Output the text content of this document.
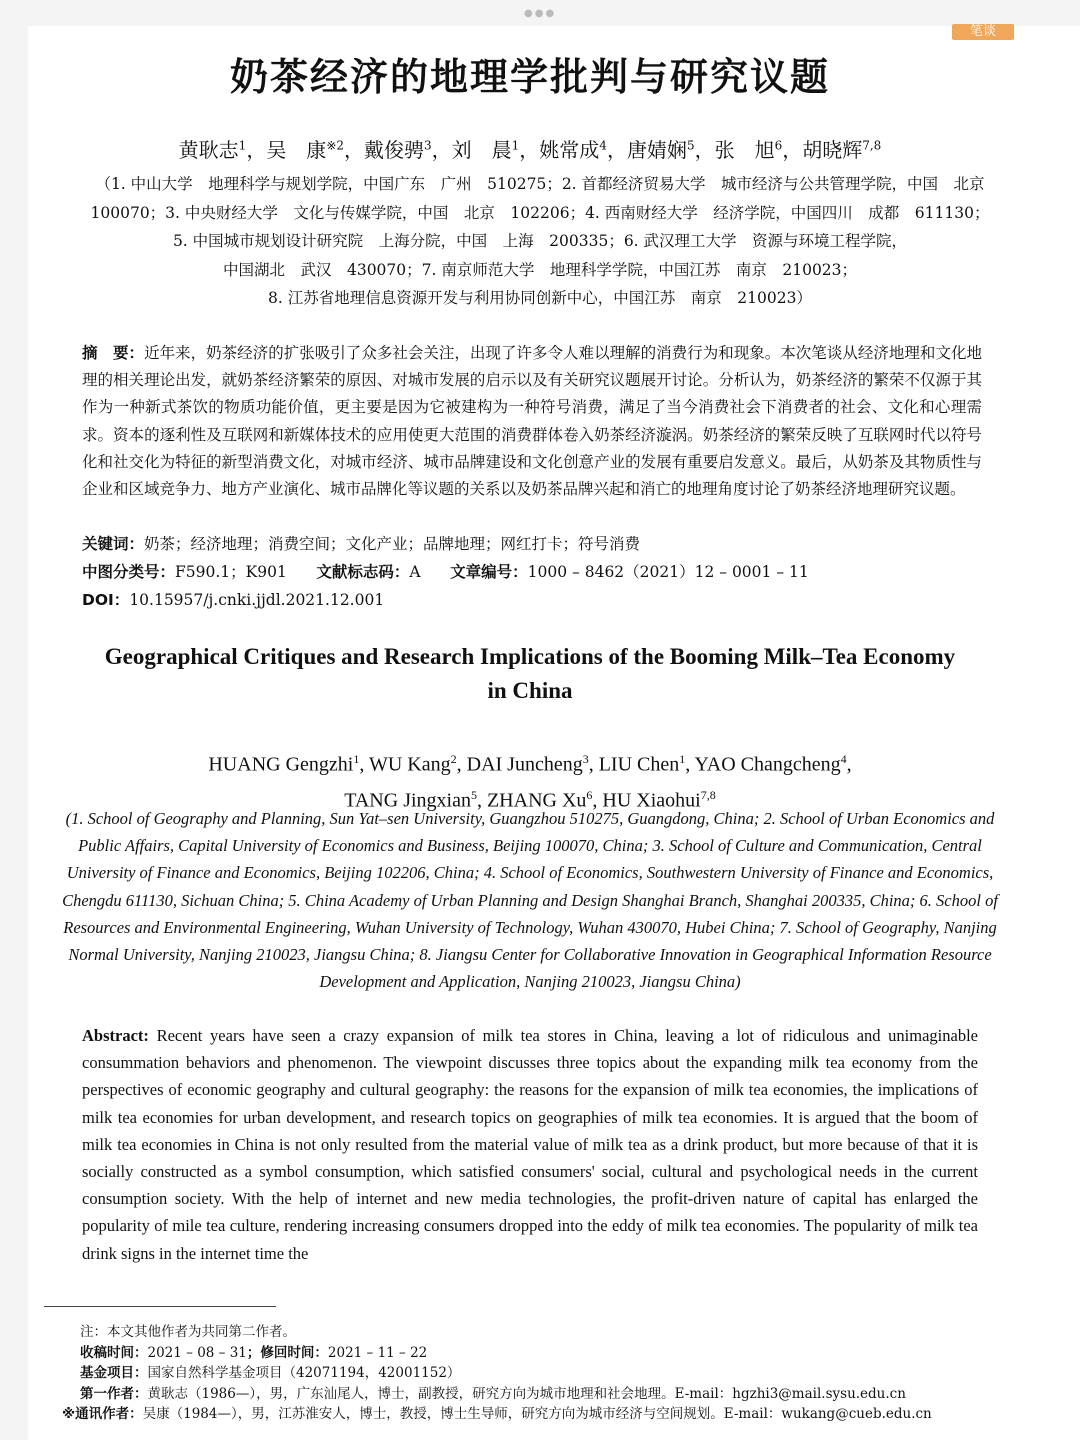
●●●
笔谈
奶茶经济的地理学批判与研究议题
黄耿志$^1$，吴　康$^{※2}$，戴俊骋$^3$，刘　晨$^1$，姚常成$^4$，唐婧娴$^5$，张　旭$^6$，胡晓辉$^{7,8}$
（1. 中山大学　地理科学与规划学院，中国广东　广州　510275；2. 首都经济贸易大学　城市经济与公共管理学院，中国　北京
100070；3. 中央财经大学　文化与传媒学院，中国　北京　102206；4. 西南财经大学　经济学院，中国四川　成都　611130；
5. 中国城市规划设计研究院　上海分院，中国　上海　200335；6. 武汉理工大学　资源与环境工程学院，
中国湖北　武汉　430070；7. 南京师范大学　地理科学学院，中国江苏　南京　210023；
8. 江苏省地理信息资源开发与利用协同创新中心，中国江苏　南京　210023）
摘　要：近年来，奶茶经济的扩张吸引了众多社会关注，出现了许多令人难以理解的消费行为和现象。本次笔谈从经济地理和文化地理的相关理论出发，就奶茶经济繁荣的原因、对城市发展的启示以及有关研究议题展开讨论。分析认为，奶茶经济的繁荣不仅源于其作为一种新式茶饮的物质功能价值，更主要是因为它被建构为一种符号消费，满足了当今消费社会下消费者的社会、文化和心理需求。资本的逐利性及互联网和新媒体技术的应用使更大范围的消费群体卷入奶茶经济漩涡。奶茶经济的繁荣反映了互联网时代以符号化和社交化为特征的新型消费文化，对城市经济、城市品牌建设和文化创意产业的发展有重要启发意义。最后，从奶茶及其物质性与企业和区域竞争力、地方产业演化、城市品牌化等议题的关系以及奶茶品牌兴起和消亡的地理角度讨论了奶茶经济地理研究议题。
关键词：奶茶；经济地理；消费空间；文化产业；品牌地理；网红打卡；符号消费
中图分类号：F590.1；K901 文献标志码：A 文章编号：1000 – 8462（2021）12 – 0001 – 11
DOI：10.15957/j.cnki.jjdl.2021.12.001
Geographical Critiques and Research Implications of the Booming Milk–Tea Economy in China
HUANG Gengzhi$^1$, WU Kang$^2$, DAI Juncheng$^3$, LIU Chen$^1$, YAO Changcheng$^4$,
TANG Jingxian$^5$, ZHANG Xu$^6$, HU Xiaohui$^{7,8}$
(1. School of Geography and Planning, Sun Yat–sen University, Guangzhou 510275, Guangdong, China; 2. School of Urban Economics and Public Affairs, Capital University of Economics and Business, Beijing 100070, China; 3. School of Culture and Communication, Central University of Finance and Economics, Beijing 102206, China; 4. School of Economics, Southwestern University of Finance and Economics, Chengdu 611130, Sichuan China; 5. China Academy of Urban Planning and Design Shanghai Branch, Shanghai 200335, China; 6. School of Resources and Environmental Engineering, Wuhan University of Technology, Wuhan 430070, Hubei China; 7. School of Geography, Nanjing Normal University, Nanjing 210023, Jiangsu China; 8. Jiangsu Center for Collaborative Innovation in Geographical Information Resource Development and Application, Nanjing 210023, Jiangsu China)
Abstract: Recent years have seen a crazy expansion of milk tea stores in China, leaving a lot of ridiculous and unimaginable consummation behaviors and phenomenon. The viewpoint discusses three topics about the expanding milk tea economy from the perspectives of economic geography and cultural geography: the reasons for the expansion of milk tea economies, the implications of milk tea economies for urban development, and research topics on geographies of milk tea economies. It is argued that the boom of milk tea economies in China is not only resulted from the material value of milk tea as a drink product, but more because of that it is socially constructed as a symbol consumption, which satisfied consumers' social, cultural and psychological needs in the current consumption society. With the help of internet and new media technologies, the profit-driven nature of capital has enlarged the popularity of mile tea culture, rendering increasing consumers dropped into the eddy of milk tea economies. The popularity of milk tea drink signs in the internet time the
注：本文其他作者为共同第二作者。
收稿时间：2021 – 08 – 31；修回时间：2021 – 11 – 22
基金项目：国家自然科学基金项目（42071194，42001152）
第一作者：黄耿志（1986—），男，广东汕尾人，博士，副教授，研究方向为城市地理和社会地理。E-mail：hgzhi3@mail.sysu.edu.cn
※通讯作者：吴康（1984—），男，江苏淮安人，博士，教授，博士生导师，研究方向为城市经济与空间规划。E-mail：wukang@cueb.edu.cn
